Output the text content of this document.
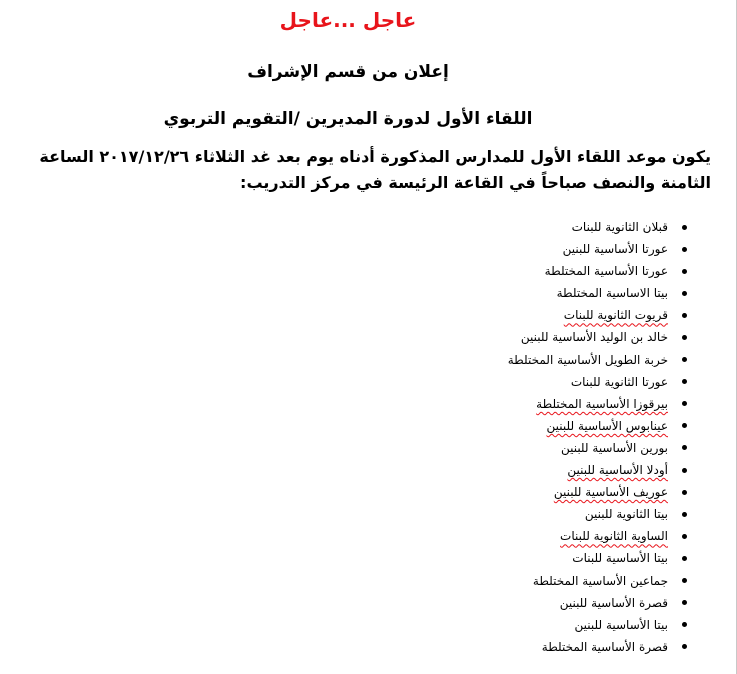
عاجل ...عاجل
إعلان من قسم الإشراف
اللقاء الأول لدورة المديرين /التقويم التربوي

يكون موعد اللقاء الأول للمدارس المذكورة أدناه يوم بعد غد الثلاثاء ٢٠١٧/١٢/٢٦ الساعة الثامنة والنصف صباحاً في القاعة الرئيسة في مركز التدريب:

قبلان الثانوية للبنات
عورتا الأساسية للبنين
عورتا الأساسية المختلطة
بيتا الاساسية المختلطة
قريوت الثانوية للبنات
خالد بن الوليد الأساسية للبنين
خربة الطويل الأساسية المختلطة
عورتا الثانوية للبنات
بيرقوزا الأساسية المختلطة
عينابوس الأساسية للبنين
بورين الأساسية للبنين
أودلا الأساسية للبنين
عوريف الأساسية للبنين
بيتا الثانوية للبنين
الساوية الثانوية للبنات
بيتا الأساسية للبنات
جماعين الأساسية المختلطة
قصرة الأساسية للبنين
بيتا الأساسية للبنين
قصرة الأساسية المختلطة
